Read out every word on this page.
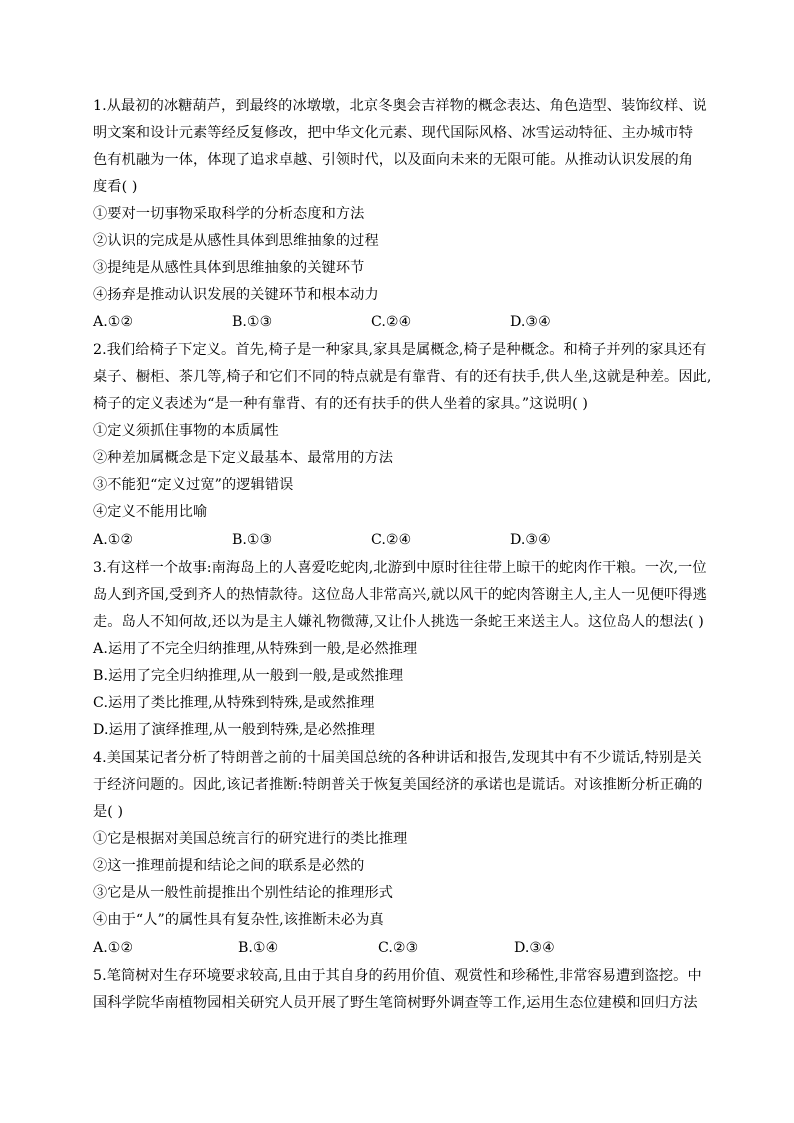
1.从最初的冰糖葫芦，到最终的冰墩墩，北京冬奥会吉祥物的概念表达、角色造型、装饰纹样、说
明文案和设计元素等经反复修改，把中华文化元素、现代国际风格、冰雪运动特征、主办城市特
色有机融为一体，体现了追求卓越、引领时代，以及面向未来的无限可能。从推动认识发展的角
度看( )
①要对一切事物采取科学的分析态度和方法
②认识的完成是从感性具体到思维抽象的过程
③提纯是从感性具体到思维抽象的关键环节
④扬弃是推动认识发展的关键环节和根本动力
A.①②	B.①③	C.②④	D.③④
2.我们给椅子下定义。首先,椅子是一种家具,家具是属概念,椅子是种概念。和椅子并列的家具还有
桌子、橱柜、茶几等,椅子和它们不同的特点就是有靠背、有的还有扶手,供人坐,这就是种差。因此,
椅子的定义表述为“是一种有靠背、有的还有扶手的供人坐着的家具。”这说明( )
①定义须抓住事物的本质属性
②种差加属概念是下定义最基本、最常用的方法
③不能犯“定义过宽”的逻辑错误
④定义不能用比喻
A.①②	B.①③	C.②④	D.③④
3.有这样一个故事:南海岛上的人喜爱吃蛇肉,北游到中原时往往带上晾干的蛇肉作干粮。一次,一位
岛人到齐国,受到齐人的热情款待。这位岛人非常高兴,就以风干的蛇肉答谢主人,主人一见便吓得逃
走。岛人不知何故,还以为是主人嫌礼物微薄,又让仆人挑选一条蛇王来送主人。这位岛人的想法( )
A.运用了不完全归纳推理,从特殊到一般,是必然推理
B.运用了完全归纳推理,从一般到一般,是或然推理
C.运用了类比推理,从特殊到特殊,是或然推理
D.运用了演绎推理,从一般到特殊,是必然推理
4.美国某记者分析了特朗普之前的十届美国总统的各种讲话和报告,发现其中有不少谎话,特别是关
于经济问题的。因此,该记者推断:特朗普关于恢复美国经济的承诺也是谎话。对该推断分析正确的
是( )
①它是根据对美国总统言行的研究进行的类比推理
②这一推理前提和结论之间的联系是必然的
③它是从一般性前提推出个别性结论的推理形式
④由于“人”的属性具有复杂性,该推断未必为真
A.①②	B.①④	C.②③	D.③④
5.笔筒树对生存环境要求较高,且由于其自身的药用价值、观赏性和珍稀性,非常容易遭到盗挖。中
国科学院华南植物园相关研究人员开展了野生笔筒树野外调查等工作,运用生态位建模和回归方法
